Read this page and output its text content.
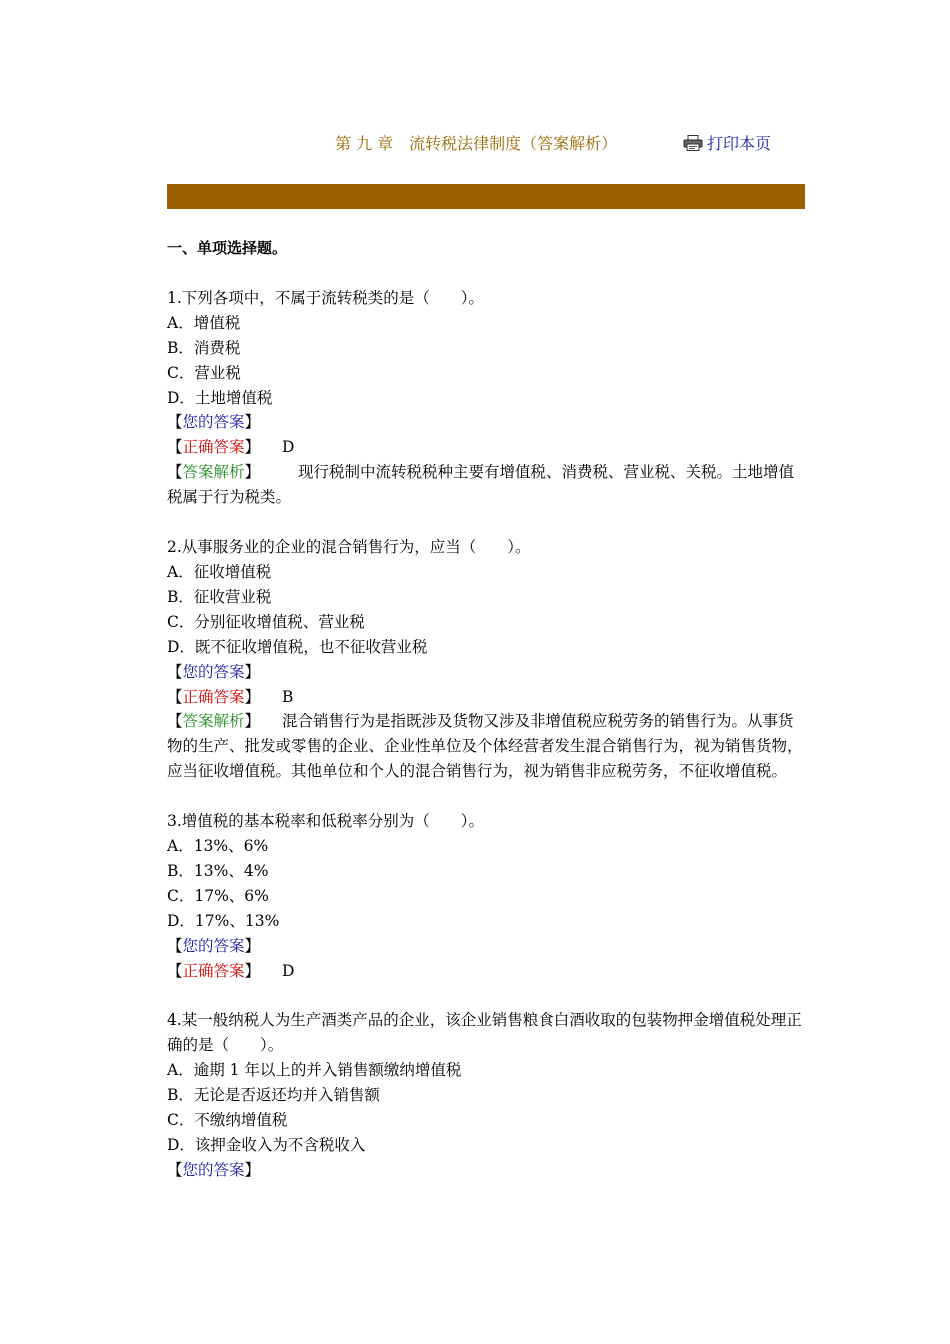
第 九 章　流转税法律制度（答案解析）	打印本页
一、单项选择题。

1.下列各项中，不属于流转税类的是（　　）。

A．增值税

B．消费税

C．营业税

D．土地增值税

【您的答案】

【正确答案】 D

【答案解析】 现行税制中流转税税种主要有增值税、消费税、营业税、关税。土地增值税属于行为税类。

2.从事服务业的企业的混合销售行为，应当（　　）。

A．征收增值税

B．征收营业税

C．分别征收增值税、营业税

D．既不征收增值税，也不征收营业税

【您的答案】

【正确答案】 B

【答案解析】 混合销售行为是指既涉及货物又涉及非增值税应税劳务的销售行为。从事货物的生产、批发或零售的企业、企业性单位及个体经营者发生混合销售行为，视为销售货物，应当征收增值税。其他单位和个人的混合销售行为，视为销售非应税劳务，不征收增值税。

3.增值税的基本税率和低税率分别为（　　）。

A．13%、6%

B．13%、4%

C．17%、6%

D．17%、13%

【您的答案】

【正确答案】 D

4.某一般纳税人为生产酒类产品的企业，该企业销售粮食白酒收取的包装物押金增值税处理正确的是（　　）。

A．逾期 1 年以上的并入销售额缴纳增值税

B．无论是否返还均并入销售额

C．不缴纳增值税

D．该押金收入为不含税收入

【您的答案】
